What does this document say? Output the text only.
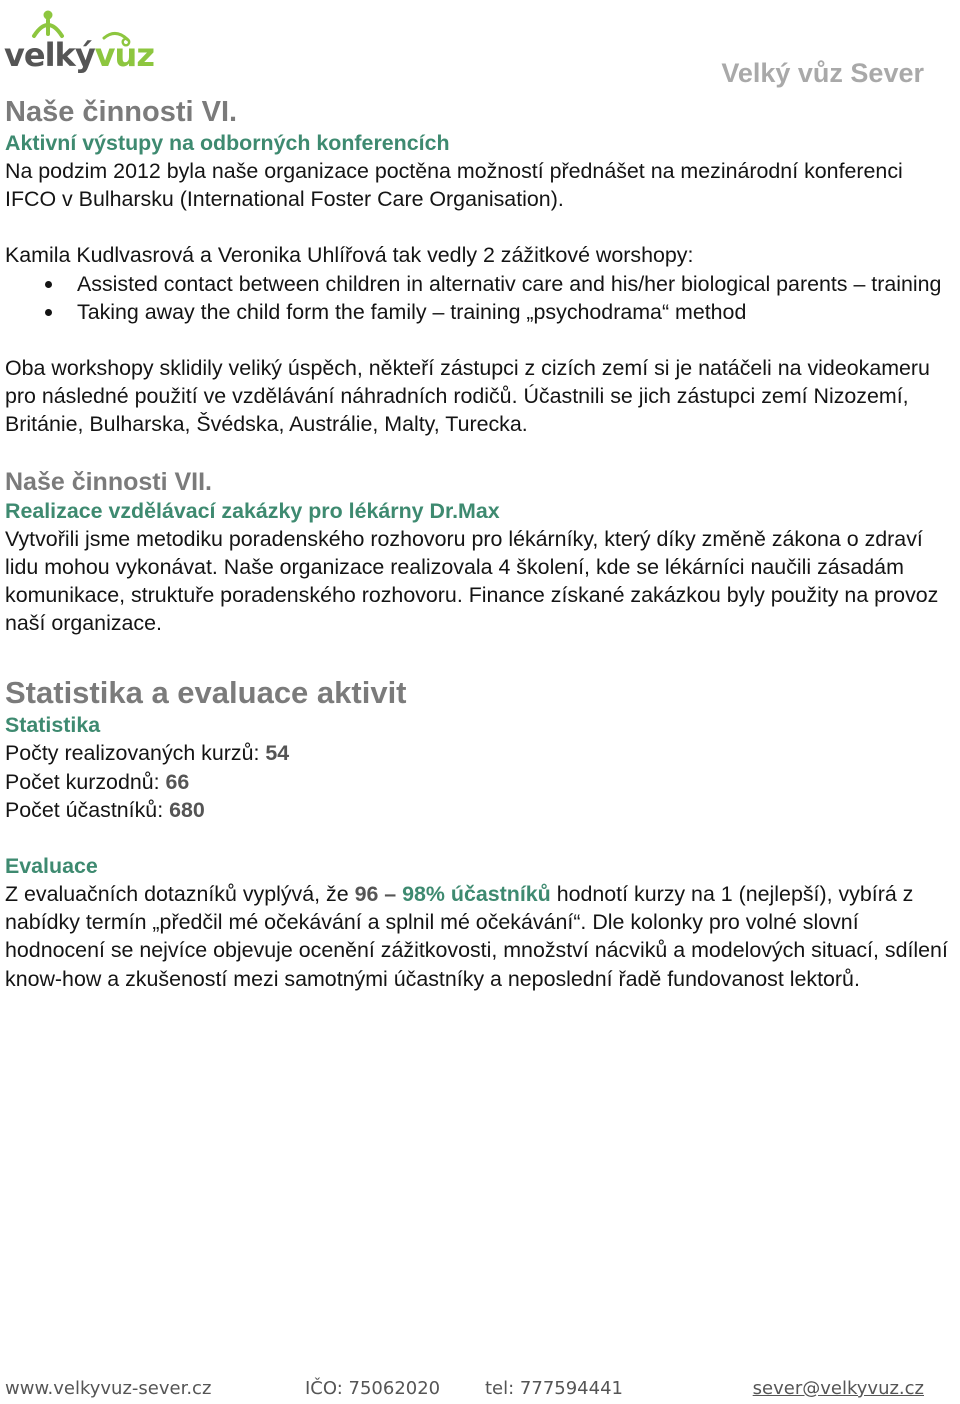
velkývůz	Velký vůz Sever
Naše činnosti VI.
Aktivní výstupy na odborných konferencích

Na podzim 2012 byla naše organizace poctěna možností přednášet na mezinárodní konferenci IFCO v Bulharsku (International Foster Care Organisation).

Kamila Kudlvasrová a Veronika Uhlířová tak vedly 2 zážitkové worshopy:

Assisted contact between children in alternativ care and his/her biological parents – training
Taking away the child form the family – training „psychodrama“ method

Oba workshopy sklidily veliký úspěch, někteří zástupci z cizích zemí si je natáčeli na videokameru pro následné použití ve vzdělávání náhradních rodičů. Účastnili se jich zástupci zemí Nizozemí, Británie, Bulharska, Švédska, Austrálie, Malty, Turecka.

Naše činnosti VII.
Realizace vzdělávací zakázky pro lékárny Dr.Max

Vytvořili jsme metodiku poradenského rozhovoru pro lékárníky, který díky změně zákona o zdraví lidu mohou vykonávat. Naše organizace realizovala 4 školení, kde se lékárníci naučili zásadám komunikace, struktuře poradenského rozhovoru. Finance získané zakázkou byly použity na provoz naší organizace.

Statistika a evaluace aktivit
Statistika

Počty realizovaných kurzů: 54

Počet kurzodnů: 66

Počet účastníků: 680

Evaluace

Z evaluačních dotazníků vyplývá, že 96 – 98% účastníků hodnotí kurzy na 1 (nejlepší), vybírá z nabídky termín „předčil mé očekávání a splnil mé očekávání“. Dle kolonky pro volné slovní hodnocení se nejvíce objevuje ocenění zážitkovosti, množství nácviků a modelových situací, sdílení know-how a zkušeností mezi samotnými účastníky a neposlední řadě fundovanost lektorů.

www.velkyvuz-sever.cz	IČO: 75062020 tel: 777594441	sever@velkyvuz.cz
